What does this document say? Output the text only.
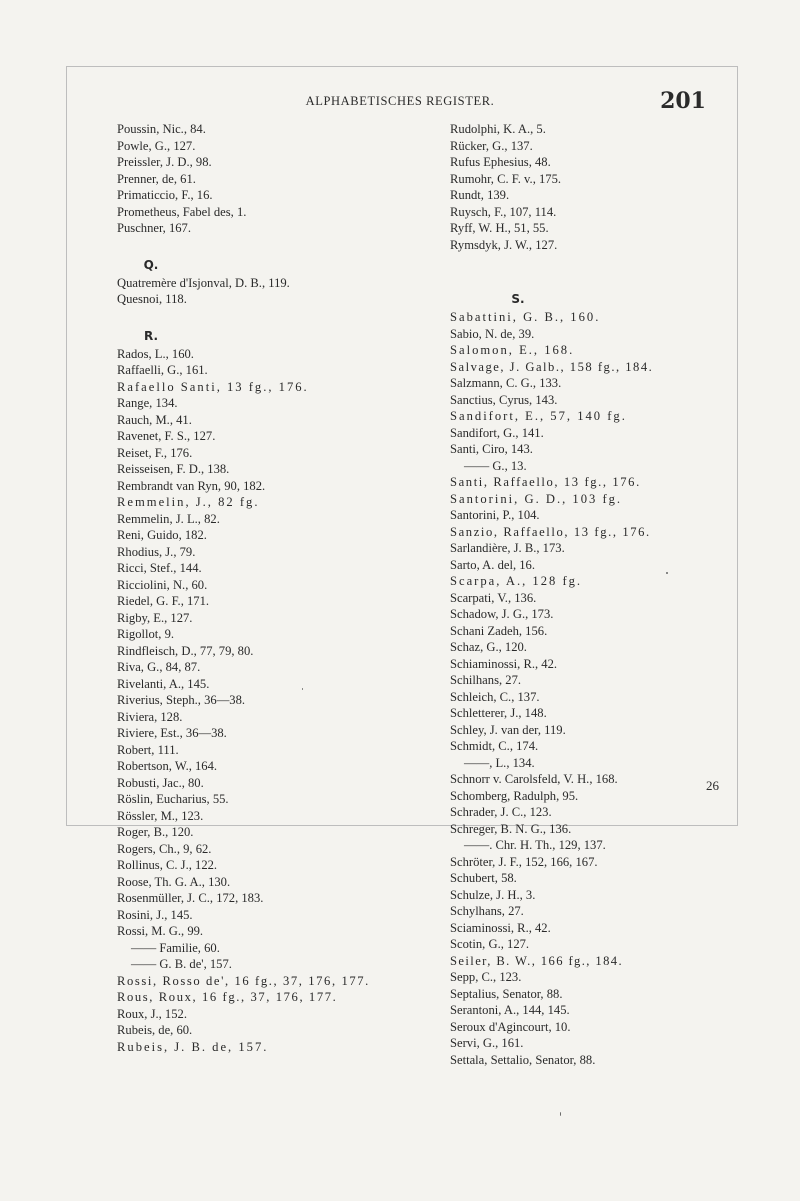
ALPHABETISCHES REGISTER.	201
Poussin, Nic., 84.
Powle, G., 127.
Preissler, J. D., 98.
Prenner, de, 61.
Primaticcio, F., 16.
Prometheus, Fabel des, 1.
Puschner, 167.
Q.
Quatremère d'Isjonval, D. B., 119.
Quesnoi, 118.
R.
Rados, L., 160.
Raffaelli, G., 161.
Rafaello Santi, 13 fg., 176.
Range, 134.
Rauch, M., 41.
Ravenet, F. S., 127.
Reiset, F., 176.
Reisseisen, F. D., 138.
Rembrandt van Ryn, 90, 182.
Remmelin, J., 82 fg.
Remmelin, J. L., 82.
Reni, Guido, 182.
Rhodius, J., 79.
Ricci, Stef., 144.
Ricciolini, N., 60.
Riedel, G. F., 171.
Rigby, E., 127.
Rigollot, 9.
Rindfleisch, D., 77, 79, 80.
Riva, G., 84, 87.
Rivelanti, A., 145.
Riverius, Steph., 36—38.
Riviera, 128.
Riviere, Est., 36—38.
Robert, 111.
Robertson, W., 164.
Robusti, Jac., 80.
Röslin, Eucharius, 55.
Rössler, M., 123.
Roger, B., 120.
Rogers, Ch., 9, 62.
Rollinus, C. J., 122.
Roose, Th. G. A., 130.
Rosenmüller, J. C., 172, 183.
Rosini, J., 145.
Rossi, M. G., 99.
—— Familie, 60.
—— G. B. de', 157.
Rossi, Rosso de', 16 fg., 37, 176, 177.
Rous, Roux, 16 fg., 37, 176, 177.
Roux, J., 152.
Rubeis, de, 60.
Rubeis, J. B. de, 157.
Rudolphi, K. A., 5.
Rücker, G., 137.
Rufus Ephesius, 48.
Rumohr, C. F. v., 175.
Rundt, 139.
Ruysch, F., 107, 114.
Ryff, W. H., 51, 55.
Rymsdyk, J. W., 127.
S.
Sabattini, G. B., 160.
Sabio, N. de, 39.
Salomon, E., 168.
Salvage, J. Galb., 158 fg., 184.
Salzmann, C. G., 133.
Sanctius, Cyrus, 143.
Sandifort, E., 57, 140 fg.
Sandifort, G., 141.
Santi, Ciro, 143.
—— G., 13.
Santi, Raffaello, 13 fg., 176.
Santorini, G. D., 103 fg.
Santorini, P., 104.
Sanzio, Raffaello, 13 fg., 176.
Sarlandière, J. B., 173.
Sarto, A. del, 16.
Scarpa, A., 128 fg.
Scarpati, V., 136.
Schadow, J. G., 173.
Schani Zadeh, 156.
Schaz, G., 120.
Schiaminossi, R., 42.
Schilhans, 27.
Schleich, C., 137.
Schletterer, J., 148.
Schley, J. van der, 119.
Schmidt, C., 174.
——, L., 134.
Schnorr v. Carolsfeld, V. H., 168.
Schomberg, Radulph, 95.
Schrader, J. C., 123.
Schreger, B. N. G., 136.
——. Chr. H. Th., 129, 137.
Schröter, J. F., 152, 166, 167.
Schubert, 58.
Schulze, J. H., 3.
Schylhans, 27.
Sciaminossi, R., 42.
Scotin, G., 127.
Seiler, B. W., 166 fg., 184.
Sepp, C., 123.
Septalius, Senator, 88.
Serantoni, A., 144, 145.
Seroux d'Agincourt, 10.
Servi, G., 161.
Settala, Settalio, Senator, 88.
26
